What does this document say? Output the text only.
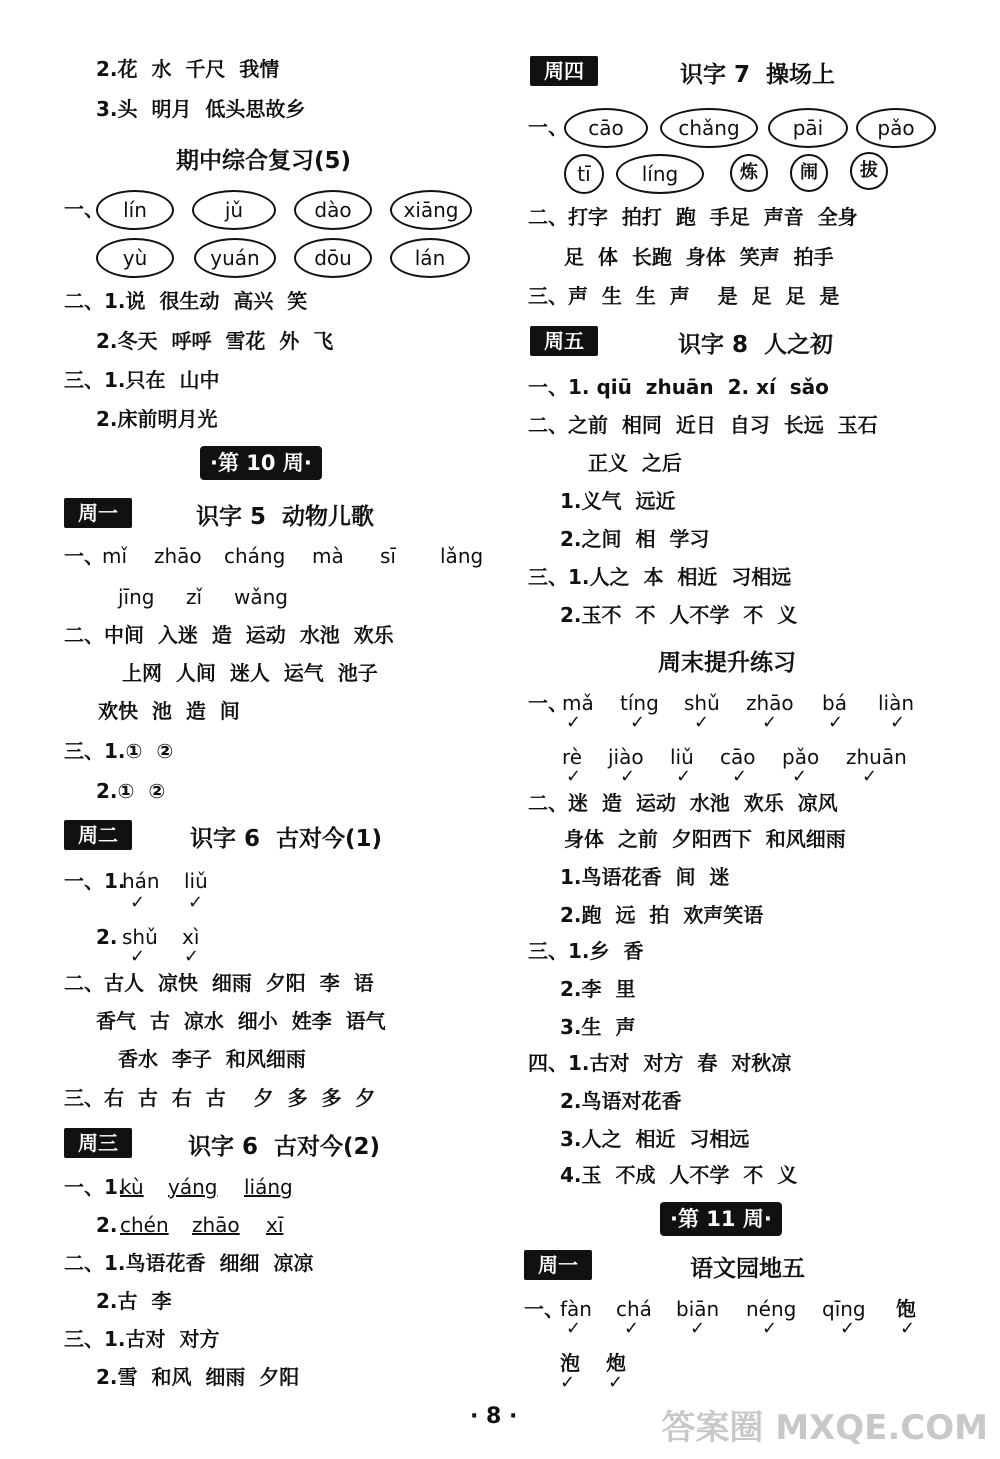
2.花  水  千尺  我情
3.头  明月  低头思故乡
期中综合复习(5)
一、 lín	jǔ	dào	xiāng
yù	yuán	dōu	lán
二、1.说  很生动  高兴  笑
2.冬天  呼呼  雪花  外  飞
三、1.只在  山中
2.床前明月光
·第 10 周·
周一	识字 5  动物儿歌
一、
mǐ zhāo cháng mà sī lǎng
jīng zǐ wǎng
二、中间  入迷  造  运动  水池  欢乐
上网  人间  迷人  运气  池子
欢快  池  造  间
三、1.①  ②
2.①  ②
周二	识字 6  古对今(1)
一、1.
hán liǔ
✓ ✓
2. shǔ xì
✓ ✓
二、古人  凉快  细雨  夕阳  李  语
香气  古  凉水  细小  姓李  语气
香水  李子  和风细雨
三、右  古  右  古    夕  多  多  夕
周三	识字 6  古对今(2)
一、1.
kù yáng liáng
2. chén zhāo xī
二、1.鸟语花香  细细  凉凉
2.古  李
三、1.古对  对方
2.雪  和风  细雨  夕阳
周四	识字 7  操场上
一、	cāo	chǎng	pāi	pǎo
tī	líng	炼	闹	拔
二、打字  拍打  跑  手足  声音  全身
足  体  长跑  身体  笑声  拍手
三、声  生  生  声    是  足  足  是
周五	识字 8  人之初
一、1. qiū  zhuān  2. xí  sǎo
二、之前  相同  近日  自习  长远  玉石
正义  之后
1.义气  远近
2.之间  相  学习
三、1.人之  本  相近  习相远
2.玉不  不  人不学  不  义
周末提升练习
一、
mǎ tíng shǔ zhāo bá liàn
✓	✓	✓	✓	✓	✓
rè jiào liǔ cāo pǎo zhuān
✓ ✓ ✓ ✓ ✓	✓
二、迷  造  运动  水池  欢乐  凉风
身体  之前  夕阳西下  和风细雨
1.鸟语花香  间  迷
2.跑  远  拍  欢声笑语
三、1.乡  香
2.李  里
3.生  声
四、1.古对  对方  春  对秋凉
2.鸟语对花香
3.人之  相近  习相远
4.玉  不成  人不学  不  义
·第 11 周·
周一	语文园地五
一、
fàn chá biān néng qīng 饱
✓ ✓	✓	✓	✓ ✓
泡 炮
✓ ✓
· 8 ·	答案圈 MXQE.COM
